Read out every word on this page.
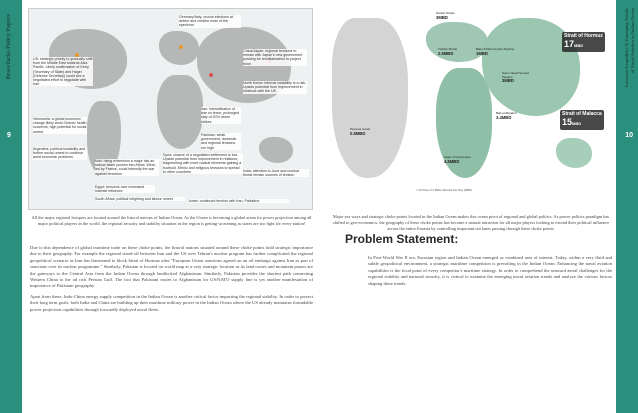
BrassTacks Policy Papers
9
Eurasian Geopolitics & Emerging Trends of Naval Aviation in Indian Ocean
10
Germany/Italy: crucial elections at debtor and creditor ends of the spectrum
US: strategic priority to gradually shift from the Middle East towards Asia Pacific. Likely confirmation of Kerry (Secretary of State) and Hagel (Defense Secretary) could see a negotiated effort to negotiate with Iran
Venezuela: a global economic change likely amid Chavez health concerns, high potential for social unrest
Argentina: political instability and further social unrest to continue amid economic problems
China/Japan: regional tensions to remain with Japan's new government pushing for remilitarisation to project force
North Korea: internal instability is a risk. Upside potential from improvement in relations with the US
Iran: intensification of war on terror, prolonged stay of US's drone strikes
Pakistan: weak government, domestic and regional tensions run high
Mali: rising extremism a major risk as radical Islam pushes into Africa. West, led by France, could intensify the war against terrorism
Syria: chance of a negotiated settlement is low. Upside potential from improvement in relations; fragmenting with more radical elements gaining a foothold. Ethnic and religious tensions to spread to other countries
Egypt: tensions over increased Islamist influence
India: attention to June and nuclear threat remain sources of tension
South Africa: political infighting and labour unrest	Israel: continued tension with Iran, Palestine
All the major regional hotspots are located around the littoral nations of Indian Ocean. As the Ocean is becoming a global arena for power projection among all major political players in the world, the regional security and stability situation in the region is getting worsening as states are too fight for every nation!

Due to this dependence of global maritime trade on these choke points, the littoral nations situated around these choke points hold strategic importance due to their geography. For example the regional stand-off between Iran and the US over Tehran's nuclear program has further complicated the regional geopolitical scenario as Iran has threatened to block Strait of Hormuz after "European Union sanctions agreed on an oil embargo against Iran as part of sanctions over its nuclear programme." Similarly, Pakistan is located on world map at a very strategic location as its land routes and mountain passes are the gateways to the Central Asia from the Indian Ocean through landlocked Afghanistan. Similarly, Pakistan provides the shortest path connecting Western China to the oil rich Persian Gulf. The fact that Pakistani routes to Afghanistan for US/NATO supply line is yet another manifestation of importance of Pakistani geography.

Apart from these, Indo-China energy supply competition in the Indian Ocean is another critical factor impacting the regional stability. In order to protect their long term goals, both India and China are building up their maritime military power in the Indian Ocean where the US already maintains formidable power projection capabilities through forwardly deployed naval fleets.

Strait of Hormuz
17MBD
Strait of Malacca
15MBD
Turkish Straits
2.9MBD
Baku-Tbilisi-Ceyhan Pipeline
1MBD
Suez Canal/ Sumed Pipeline
3MBD
Bab-el-Mandeb
3.4MBD
Panama Canal
0.8MBD
Danish Straits
3MBD
Cape of Good Hope
4.5MBD
= Oil Flow of 3 Million Barrels Per Day (MBD)
Major sea ways and strategic choke points located in the Indian Ocean makes this ocean pivot of regional and global politics. As power politics paradigm has shifted to geo-economics, the geography of these choke points has become a natural attraction for all major players looking to extend their political influence across the entire Eurasia by controlling important sea lanes passing through these choke points.
Problem Statement:

In Post-World War II era, Eurasian region and Indian Ocean emerged as combined area of interest. Today, within a very fluid and subtle geopolitical environment, a strategic maritime competition is prevailing in the Indian Ocean. Enhancing the naval aviation capabilities is the focal point of every competitor's maritime strategy. In order to comprehend the seaward aerial challenges for the regional stability and national security, it is critical to examine the emerging naval aviation trends and analyze the various factors shaping these trends.
